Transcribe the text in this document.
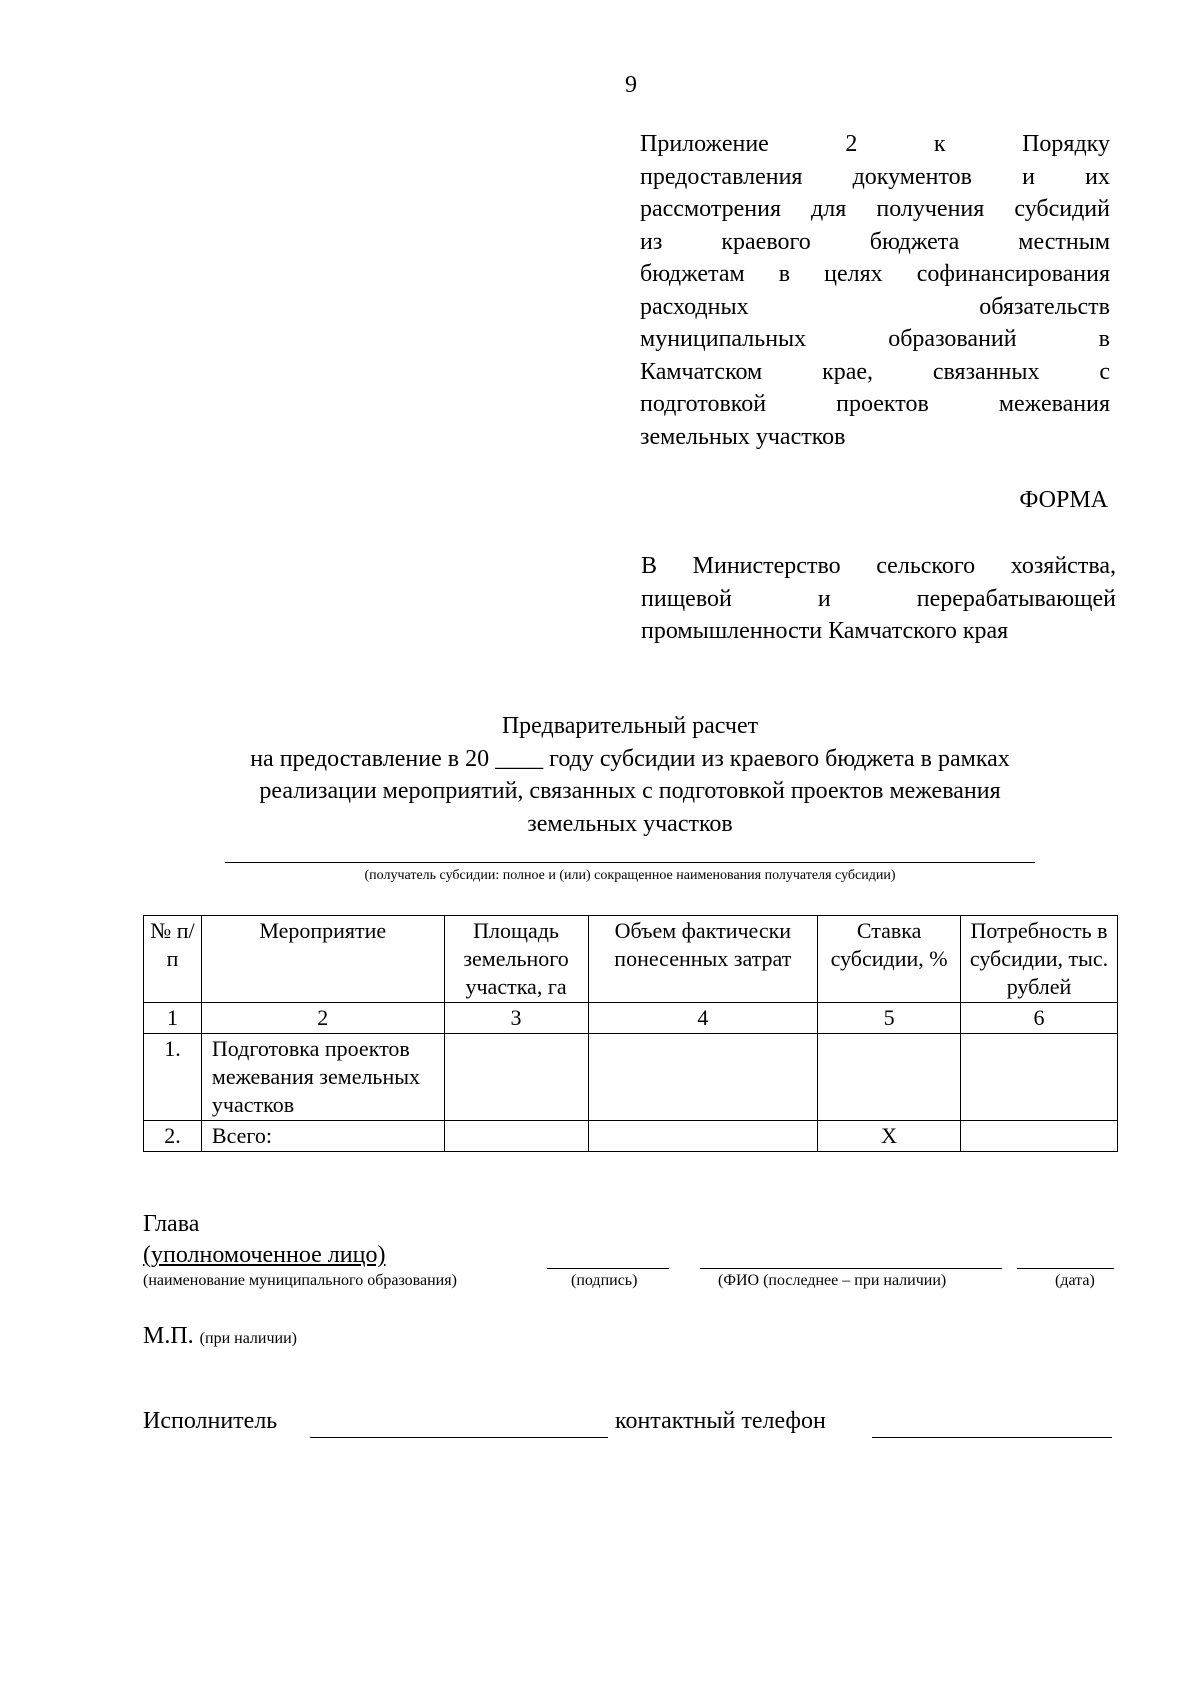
9
Приложение 2 к Порядку
предоставления документов и их
рассмотрения для получения субсидий
из краевого бюджета местным
бюджетам в целях софинансирования
расходных обязательств
муниципальных образований в
Камчатском крае, связанных с
подготовкой проектов межевания
земельных участков
ФОРМА
В Министерство сельского хозяйства,
пищевой и перерабатывающей
промышленности Камчатского края
Предварительный расчет
на предоставление в 20 ____ году субсидии из краевого бюджета в рамках
реализации мероприятий, связанных с подготовкой проектов межевания
земельных участков
(получатель субсидии: полное и (или) сокращенное наименования получателя субсидии)
№ п/п	Мероприятие	Площадь земельного участка, га	Объем фактически понесенных затрат	Ставка субсидии, %	Потребность в субсидии, тыс. рублей
1	2	3	4	5	6
1.	Подготовка проектов межевания земельных участков				
2.	Всего:			Х	
Глава
(уполномоченное лицо)
(наименование муниципального образования)	(подпись)	(ФИО (последнее – при наличии)	(дата)
М.П. (при наличии)
Исполнитель	контактный телефон
